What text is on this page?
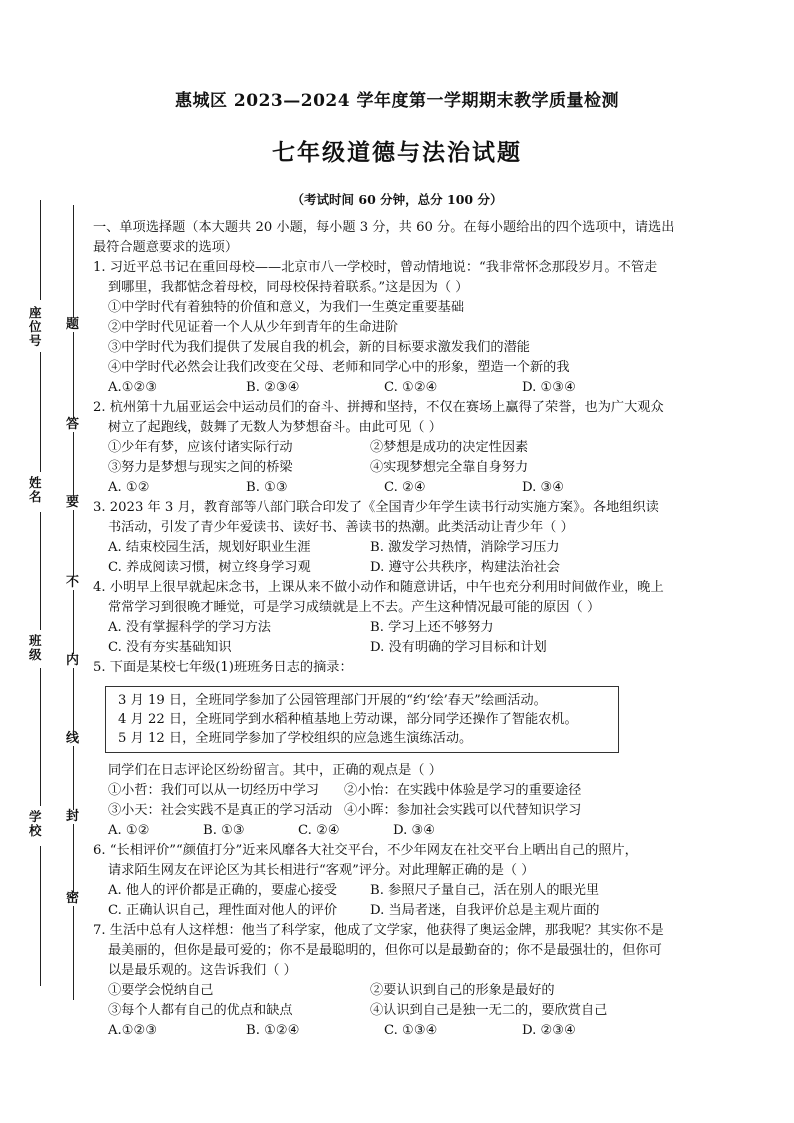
座
位
号
姓
名
班
级
学
校
题
答
要
不
内
线
封
密
惠城区 2023—2024 学年度第一学期期末教学质量检测
七年级道德与法治试题
（考试时间 60 分钟，总分 100 分）

一、单项选择题（本大题共 20 小题，每小题 3 分，共 60 分。在每小题给出的四个选项中，请选出

最符合题意要求的选项）

1. 习近平总书记在重回母校——北京市八一学校时，曾动情地说：“我非常怀念那段岁月。不管走

到哪里，我都惦念着母校，同母校保持着联系。”这是因为（ ）

①中学时代有着独特的价值和意义，为我们一生奠定重要基础

②中学时代见证着一个人从少年到青年的生命进阶

③中学时代为我们提供了发展自我的机会，新的目标要求激发我们的潜能

④中学时代必然会让我们改变在父母、老师和同学心中的形象，塑造一个新的我

A.①②③	B. ②③④	C. ①②④	D. ①③④

2. 杭州第十九届亚运会中运动员们的奋斗、拼搏和坚持，不仅在赛场上赢得了荣誉，也为广大观众

树立了起跑线，鼓舞了无数人为梦想奋斗。由此可见（ ）

①少年有梦，应该付诸实际行动	②梦想是成功的决定性因素

③努力是梦想与现实之间的桥梁	④实现梦想完全靠自身努力

A. ①②	B. ①③	C. ②④	D. ③④

3. 2023 年 3 月，教育部等八部门联合印发了《全国青少年学生读书行动实施方案》。各地组织读

书活动，引发了青少年爱读书、读好书、善读书的热潮。此类活动让青少年（ ）

A. 结束校园生活，规划好职业生涯	B. 激发学习热情，消除学习压力

C. 养成阅读习惯，树立终身学习观	D. 遵守公共秩序，构建法治社会

4. 小明早上很早就起床念书，上课从来不做小动作和随意讲话，中午也充分利用时间做作业，晚上

常常学习到很晚才睡觉，可是学习成绩就是上不去。产生这种情况最可能的原因（ ）

A. 没有掌握科学的学习方法	B. 学习上还不够努力

C. 没有夯实基础知识	D. 没有明确的学习目标和计划

5. 下面是某校七年级(1)班班务日志的摘录：

3 月 19 日，全班同学参加了公园管理部门开展的“约‘绘’春天”绘画活动。

4 月 22 日，全班同学到水稻种植基地上劳动课，部分同学还操作了智能农机。

5 月 12 日，全班同学参加了学校组织的应急逃生演练活动。

同学们在日志评论区纷纷留言。其中，正确的观点是（ ）

①小哲：我们可以从一切经历中学习	②小怡：在实践中体验是学习的重要途径

③小天：社会实践不是真正的学习活动 ④小晖：参加社会实践可以代替知识学习

A. ①②	B. ①③	C. ②④	D. ③④

6. “长相评价”“颜值打分”近来风靡各大社交平台，不少年网友在社交平台上晒出自己的照片，

请求陌生网友在评论区为其长相进行“客观”评分。对此理解正确的是（ ）

A. 他人的评价都是正确的，要虚心接受	B. 参照尺子量自己，活在别人的眼光里

C. 正确认识自己，理性面对他人的评价	D. 当局者迷，自我评价总是主观片面的

7. 生活中总有人这样想：他当了科学家，他成了文学家，他获得了奥运金牌，那我呢？其实你不是

最美丽的，但你是最可爱的；你不是最聪明的，但你可以是最勤奋的；你不是最强壮的，但你可

以是最乐观的。这告诉我们（ ）

①要学会悦纳自己	②要认识到自己的形象是最好的

③每个人都有自己的优点和缺点	④认识到自己是独一无二的，要欣赏自己

A.①②③	B. ①②④	C. ①③④	D. ②③④
